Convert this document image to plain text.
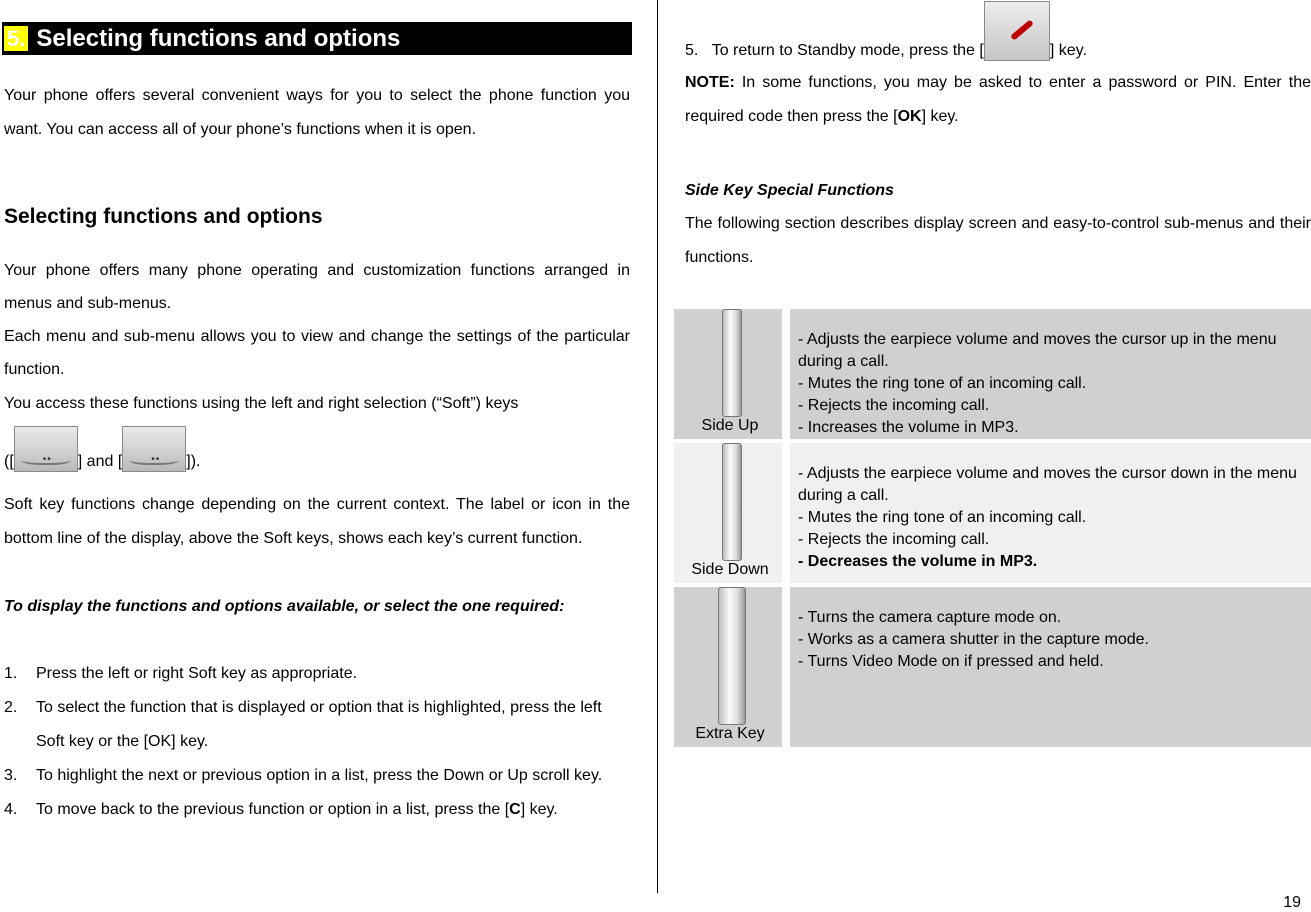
5. Selecting functions and options
Your phone offers several convenient ways for you to select the phone function you want. You can access all of your phone’s functions when it is open.
Selecting functions and options
Your phone offers many phone operating and customization functions arranged in menus and sub-menus.
Each menu and sub-menu allows you to view and change the settings of the particular function.
You access these functions using the left and right selection (“Soft”) keys
([	•• ] and [	•• ]).
Soft key functions change depending on the current context. The label or icon in the bottom line of the display, above the Soft keys, shows each key’s current function.
To display the functions and options available, or select the one required:
1. Press the left or right Soft key as appropriate.
2. To select the function that is displayed or option that is highlighted, press the left Soft key or the [OK] key.
3. To highlight the next or previous option in a list, press the Down or Up scroll key.
4. To move back to the previous function or option in a list, press the [C] key.
5. To return to Standby mode, press the [	] key.
NOTE: In some functions, you may be asked to enter a password or PIN. Enter the required code then press the [OK] key.
Side Key Special Functions
The following section describes display screen and easy-to-control sub-menus and their functions.
Side Up
- Adjusts the earpiece volume and moves the cursor up in the menu during a call.
- Mutes the ring tone of an incoming call.
- Rejects the incoming call.
- Increases the volume in MP3.
Side Down
- Adjusts the earpiece volume and moves the cursor down in the menu during a call.
- Mutes the ring tone of an incoming call.
- Rejects the incoming call.
- Decreases the volume in MP3.
Extra Key
- Turns the camera capture mode on.
- Works as a camera shutter in the capture mode.
- Turns Video Mode on if pressed and held.
19
